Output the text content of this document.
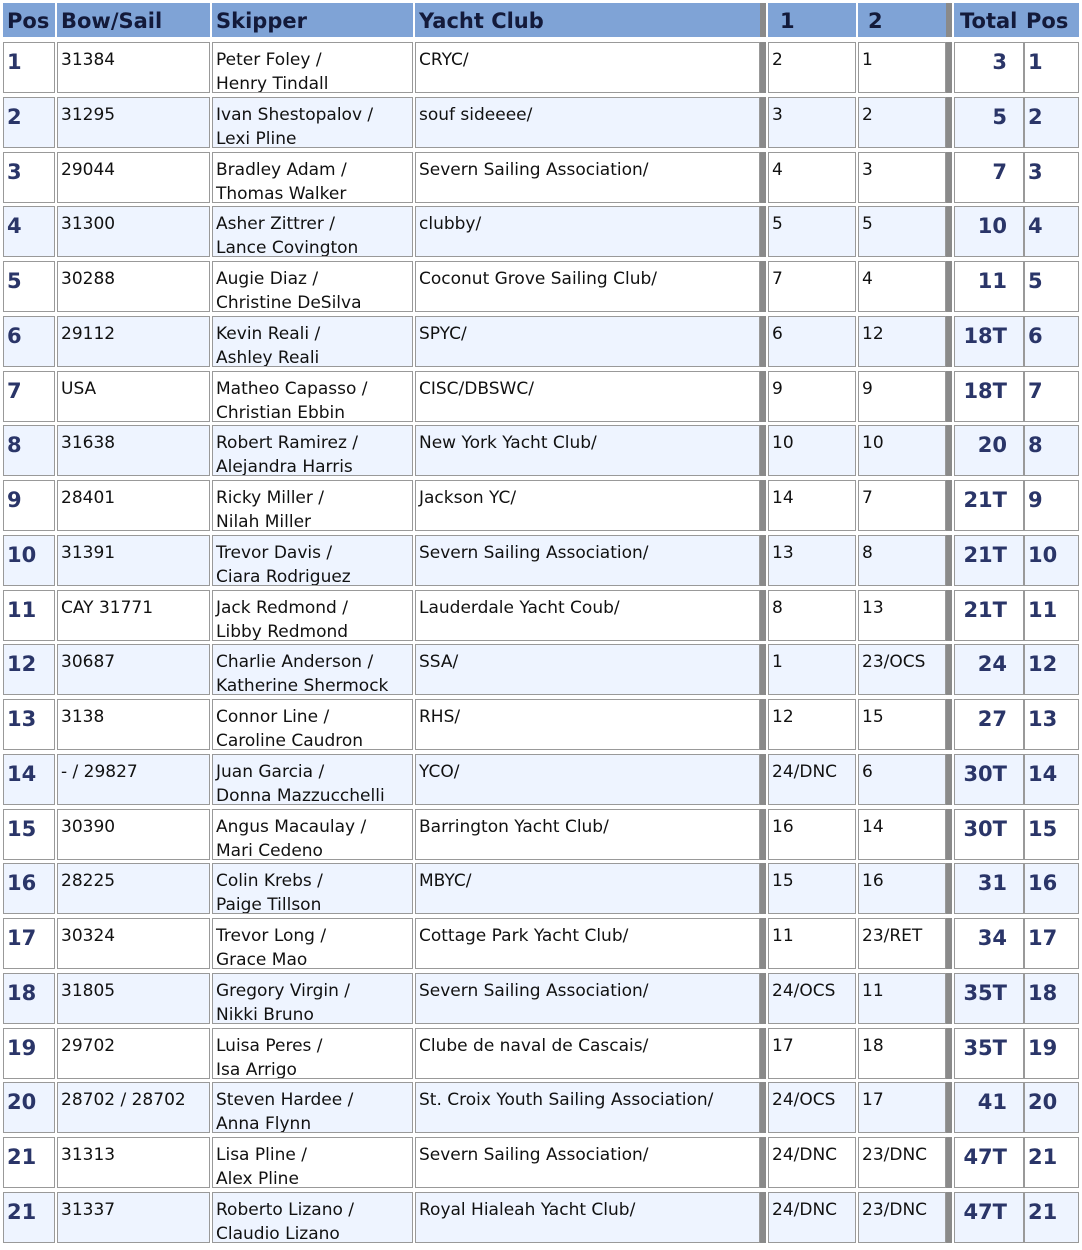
Pos Bow/Sail	Skipper	Yacht Club	1	2	Total Pos
1	31384	Peter Foley /
Henry Tindall
CRYC/	2	1	3	1
2	31295	Ivan Shestopalov /
Lexi Pline
souf sideeee/	3	2	5	2
3	29044	Bradley Adam /
Thomas Walker
Severn Sailing Association/	4	3	7	3
4	31300	Asher Zittrer /
Lance Covington
clubby/	5	5	10	4
5	30288	Augie Diaz /
Christine DeSilva
Coconut Grove Sailing Club/	7	4	11	5
6	29112	Kevin Reali /
Ashley Reali
SPYC/	6	12	18T	6
7	USA	Matheo Capasso /
Christian Ebbin
CISC/DBSWC/	9	9	18T	7
8	31638	Robert Ramirez /
Alejandra Harris
New York Yacht Club/	10	10	20	8
9	28401	Ricky Miller /
Nilah Miller
Jackson YC/	14	7	21T	9
10	31391	Trevor Davis /
Ciara Rodriguez
Severn Sailing Association/	13	8	21T	10
11	CAY 31771	Jack Redmond /
Libby Redmond
Lauderdale Yacht Coub/	8	13	21T	11
12	30687	Charlie Anderson /
Katherine Shermock
SSA/	1	23/OCS	24	12
13	3138	Connor Line /
Caroline Caudron
RHS/	12	15	27	13
14	- / 29827	Juan Garcia /
Donna Mazzucchelli
YCO/	24/DNC	6	30T	14
15	30390	Angus Macaulay /
Mari Cedeno
Barrington Yacht Club/	16	14	30T	15
16	28225	Colin Krebs /
Paige Tillson
MBYC/	15	16	31	16
17	30324	Trevor Long /
Grace Mao
Cottage Park Yacht Club/	11	23/RET	34	17
18	31805	Gregory Virgin /
Nikki Bruno
Severn Sailing Association/	24/OCS	11	35T	18
19	29702	Luisa Peres /
Isa Arrigo
Clube de naval de Cascais/	17	18	35T	19
20	28702 / 28702	Steven Hardee /
Anna Flynn
St. Croix Youth Sailing Association/	24/OCS	17	41	20
21	31313	Lisa Pline /
Alex Pline
Severn Sailing Association/	24/DNC	23/DNC	47T	21
21	31337	Roberto Lizano /
Claudio Lizano
Royal Hialeah Yacht Club/	24/DNC	23/DNC	47T	21
